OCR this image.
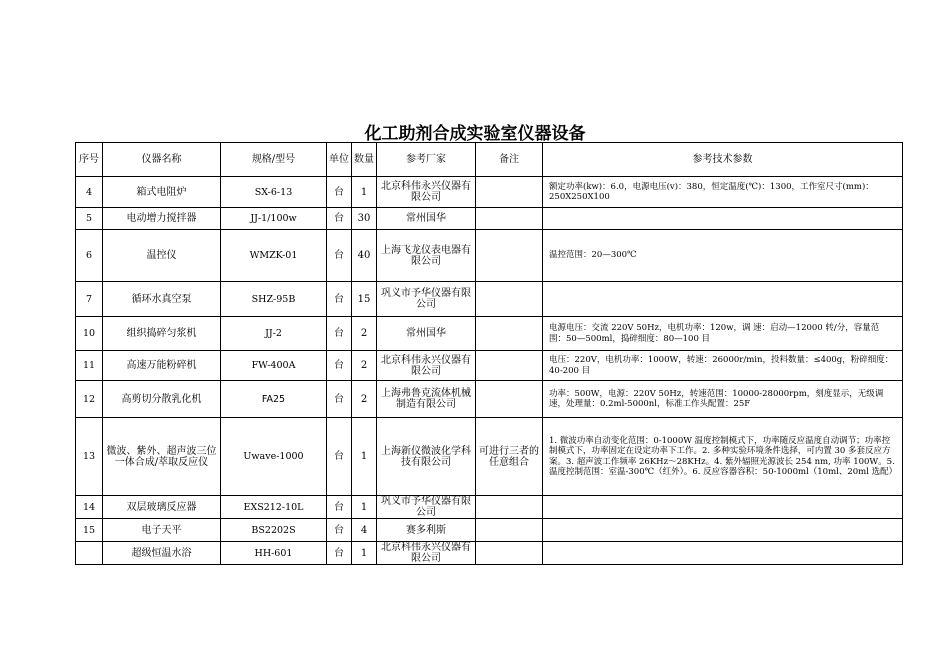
化工助剂合成实验室仪器设备
序号	仪器名称	规格/型号	单位	数量	参考厂家	备注	参考技术参数
4	箱式电阻炉	SX-6-13	台	1	北京科伟永兴仪器有限公司		额定功率(kw)：6.0，电源电压(v)：380，恒定温度(℃)：1300，工作室尺寸(mm)：250X250X100
5	电动增力搅拌器	JJ-1/100w	台	30	常州国华		
6	温控仪	WMZK-01	台	40	上海飞龙仪表电器有限公司		温控范围：20—300℃
7	循环水真空泵	SHZ-95B	台	15	巩义市予华仪器有限公司		
10	组织捣碎匀浆机	JJ-2	台	2	常州国华		电源电压：交流 220V 50Hz，电机功率：120w，调 速：启动—12000 转/分，容量范围：50—500ml，捣碎细度：80—100 目
11	高速万能粉碎机	FW-400A	台	2	北京科伟永兴仪器有限公司		电压：220V，电机功率：1000W，转速：26000r/min，投料数量：≤400g，粉碎细度：40-200 目
12	高剪切分散乳化机	FA25	台	2	上海弗鲁克流体机械制造有限公司		功率：500W，电源：220V 50Hz，转速范围：10000-28000rpm，刻度显示，无级调速，处理量：0.2ml-5000nl，标准工作头配置：25F
13	微波、紫外、超声波三位一体合成/萃取反应仪	Uwave-1000	台	1	上海新仪微波化学科技有限公司	可进行三者的任意组合	1. 微波功率自动变化范围：0-1000W 温度控制模式下，功率随反应温度自动调节；功率控制模式下，功率固定在设定功率下工作。2. 多种实验环境条件选择，可内置 30 多套反应方案。3. 超声波工作频率 26KHz～28KHz。4. 紫外辐照光源波长 254 nm, 功率 100W。5. 温度控制范围：室温-300℃（红外）。6. 反应容器容积：50-1000ml（10ml、20ml 选配）
14	双层玻璃反应器	EXS212-10L	台	1	巩义市予华仪器有限公司		
15	电子天平	BS2202S	台	4	赛多利斯		
	超级恒温水浴	HH-601	台	1	北京科伟永兴仪器有限公司		
